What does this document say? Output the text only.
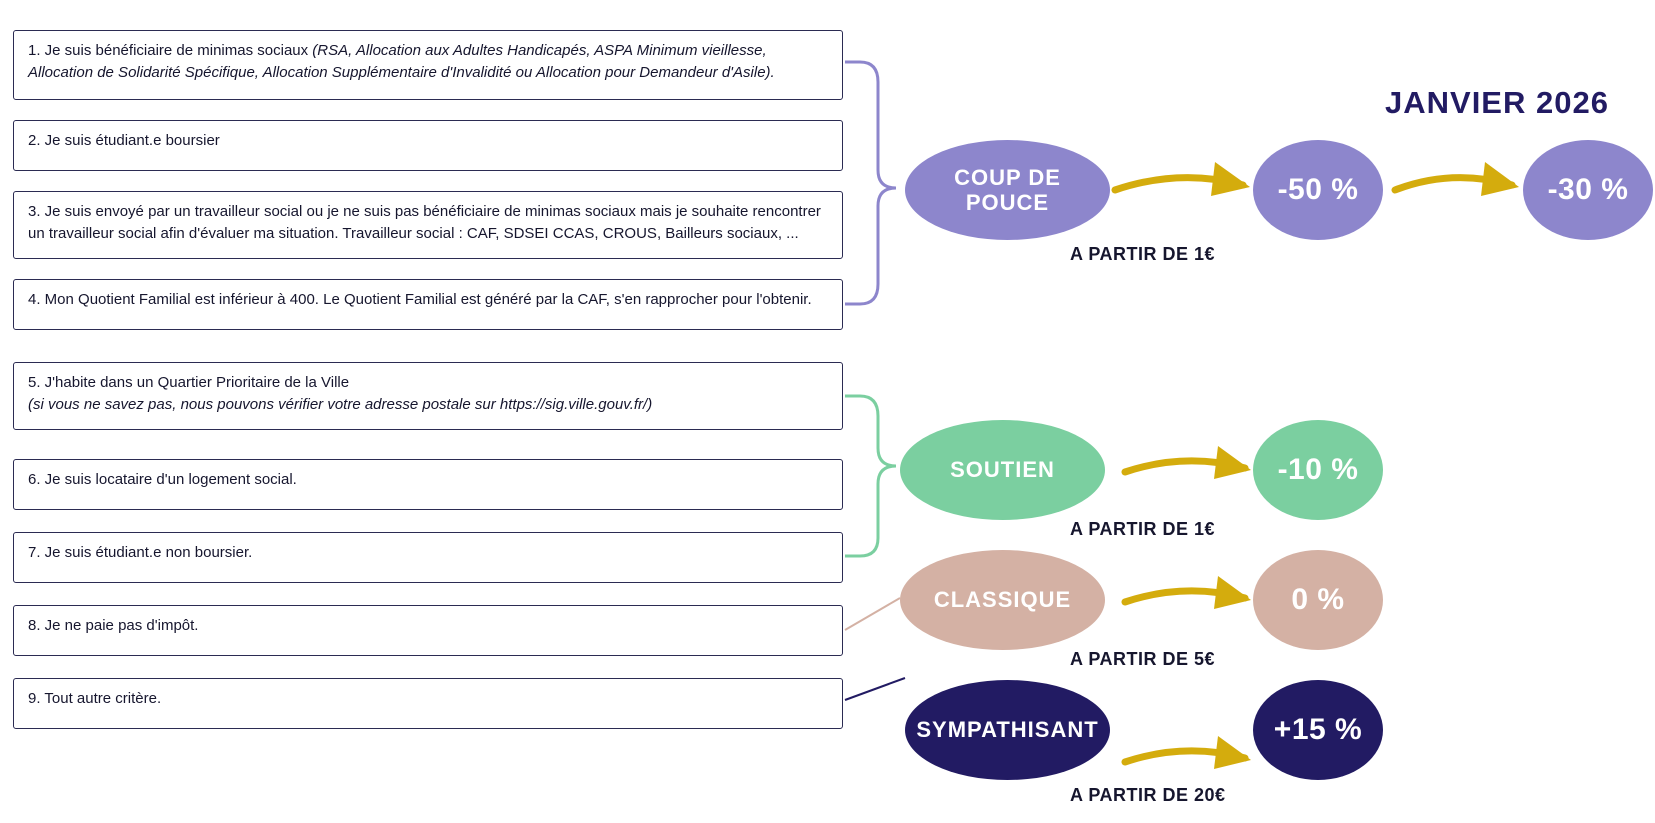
1. Je suis bénéficiaire de minimas sociaux (RSA, Allocation aux Adultes Handicapés, ASPA Minimum vieillesse, Allocation de Solidarité Spécifique, Allocation Supplémentaire d'Invalidité ou Allocation pour Demandeur d'Asile).
2. Je suis étudiant.e boursier
3. Je suis envoyé par un travailleur social ou je ne suis pas bénéficiaire de minimas sociaux mais je souhaite rencontrer un travailleur social afin d'évaluer ma situation. Travailleur social : CAF, SDSEI CCAS, CROUS, Bailleurs sociaux, ...
4. Mon Quotient Familial est inférieur à 400. Le Quotient Familial est généré par la CAF, s'en rapprocher pour l'obtenir.
5. J'habite dans un Quartier Prioritaire de la Ville
(si vous ne savez pas, nous pouvons vérifier votre adresse postale sur https://sig.ville.gouv.fr/)
6. Je suis locataire d'un logement social.
7. Je suis étudiant.e non boursier.
8. Je ne paie pas d'impôt.
9. Tout autre critère.
COUP DE POUCE
SOUTIEN
CLASSIQUE
SYMPATHISANT
-50 %	-30 %
-10 %
0 %
+15 %
A PARTIR DE 1€
A PARTIR DE 1€
A PARTIR DE 5€
A PARTIR DE 20€
JANVIER 2026
